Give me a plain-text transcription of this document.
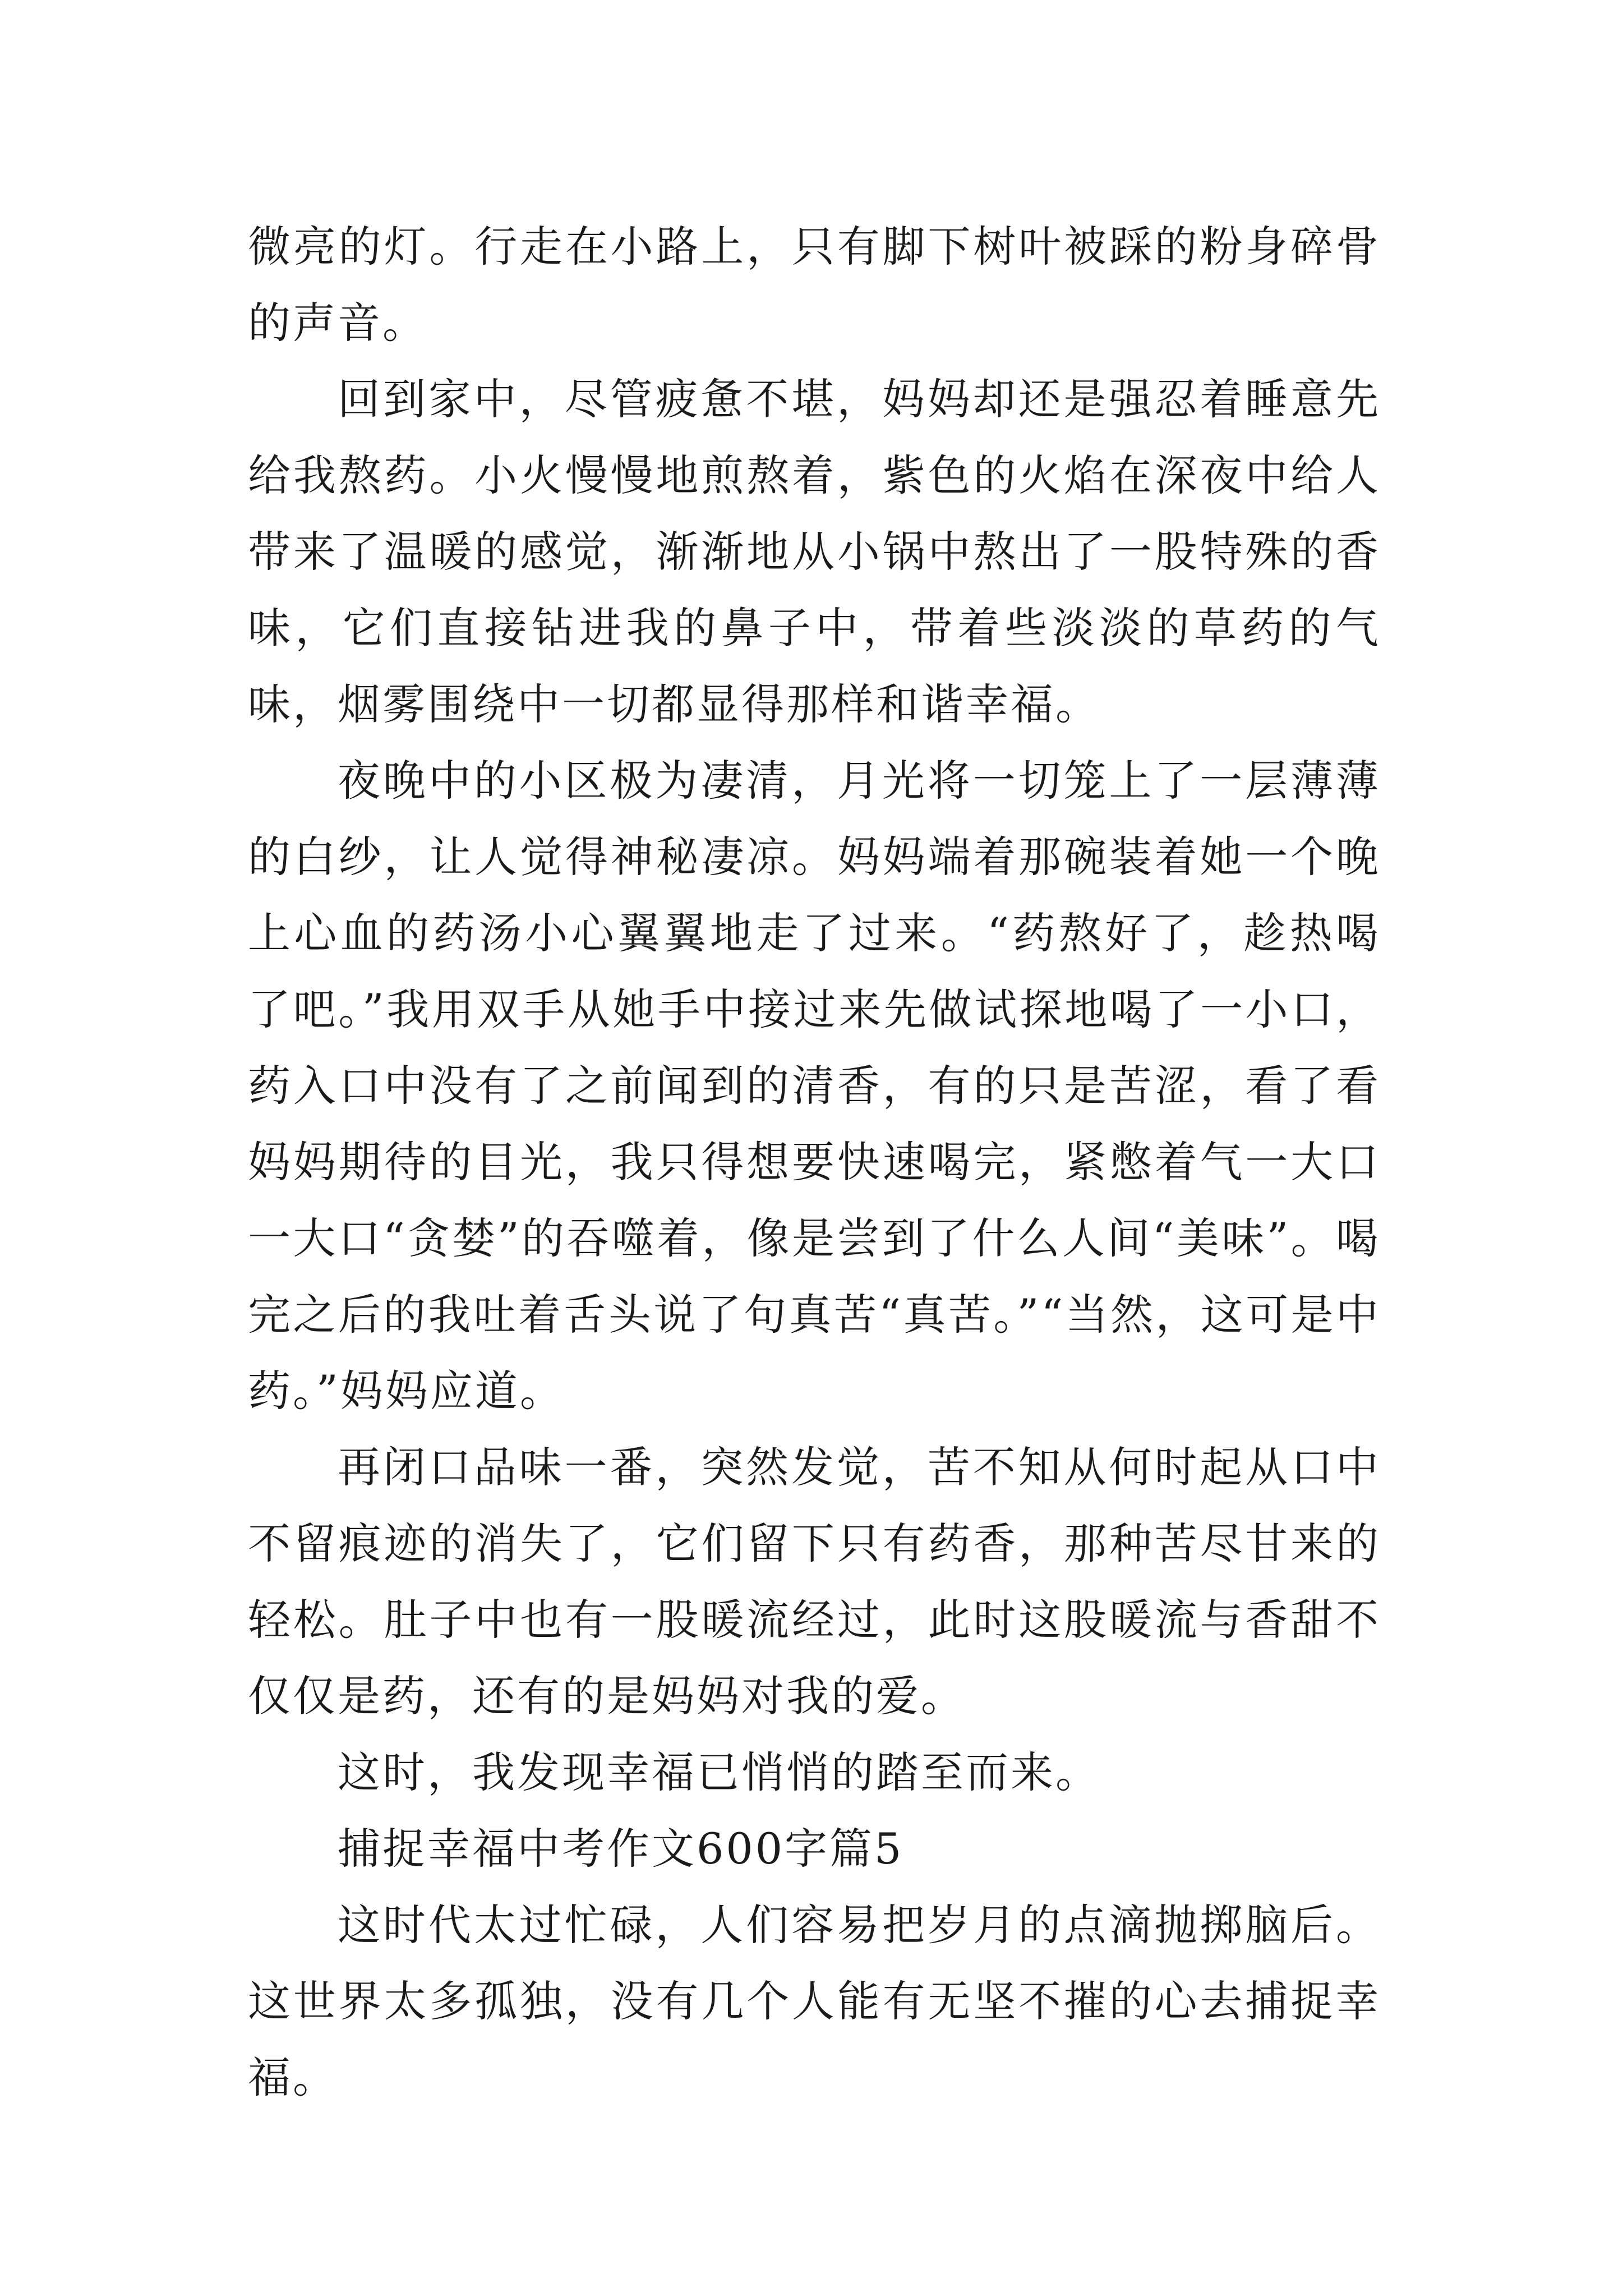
微亮的灯。行走在小路上，只有脚下树叶被踩的粉身碎骨的声音。

回到家中，尽管疲惫不堪，妈妈却还是强忍着睡意先给我熬药。小火慢慢地煎熬着，紫色的火焰在深夜中给人带来了温暖的感觉，渐渐地从小锅中熬出了一股特殊的香味，它们直接钻进我的鼻子中，带着些淡淡的草药的气味，烟雾围绕中一切都显得那样和谐幸福。

夜晚中的小区极为凄清，月光将一切笼上了一层薄薄的白纱，让人觉得神秘凄凉。妈妈端着那碗装着她一个晚上心血的药汤小心翼翼地走了过来。“药熬好了，趁热喝了吧。”我用双手从她手中接过来先做试探地喝了一小口，药入口中没有了之前闻到的清香，有的只是苦涩，看了看妈妈期待的目光，我只得想要快速喝完，紧憋着气一大口一大口“贪婪”的吞噬着，像是尝到了什么人间“美味”。喝完之后的我吐着舌头说了句真苦“真苦。”“当然，这可是中药。”妈妈应道。

再闭口品味一番，突然发觉，苦不知从何时起从口中不留痕迹的消失了，它们留下只有药香，那种苦尽甘来的轻松。肚子中也有一股暖流经过，此时这股暖流与香甜不仅仅是药，还有的是妈妈对我的爱。

这时，我发现幸福已悄悄的踏至而来。

捕捉幸福中考作文600字篇5

这时代太过忙碌，人们容易把岁月的点滴抛掷脑后。这世界太多孤独，没有几个人能有无坚不摧的心去捕捉幸福。
